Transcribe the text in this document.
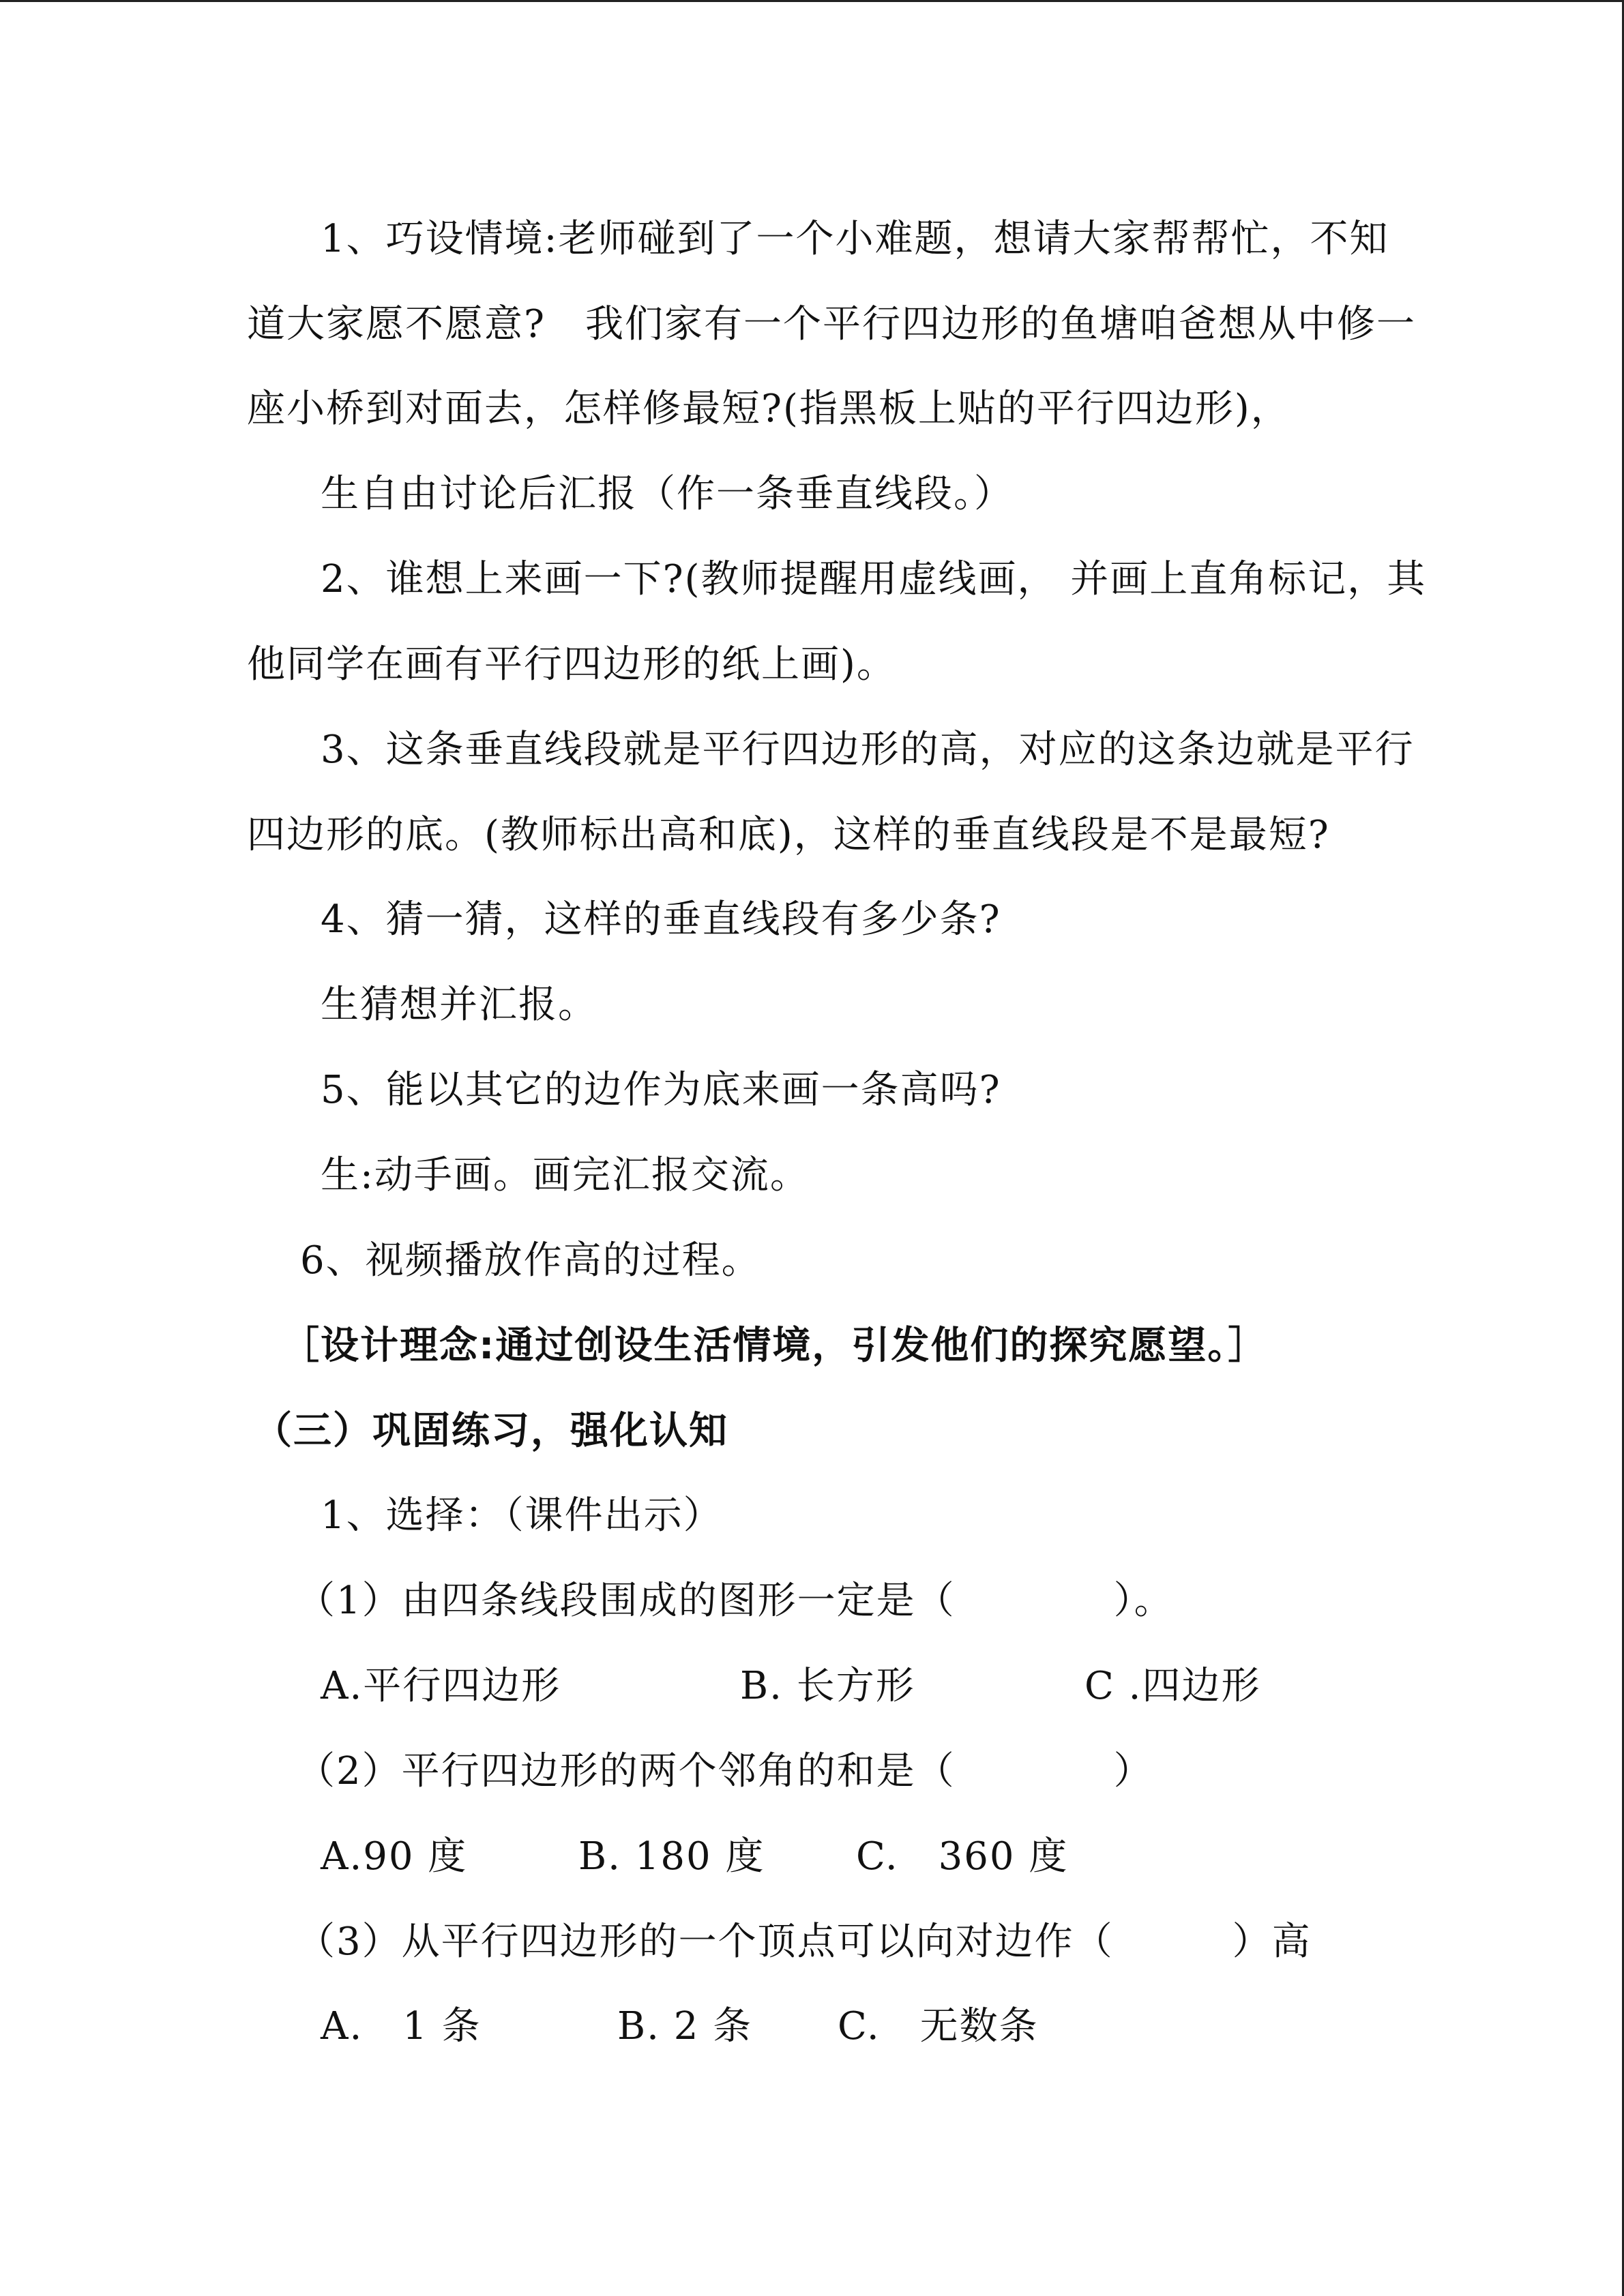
1、巧设情境:老师碰到了一个小难题，想请大家帮帮忙，不知

道大家愿不愿意?　我们家有一个平行四边形的鱼塘咱爸想从中修一

座小桥到对面去，怎样修最短?(指黑板上贴的平行四边形)，

生自由讨论后汇报（作一条垂直线段。）

2、谁想上来画一下?(教师提醒用虚线画， 并画上直角标记，其

他同学在画有平行四边形的纸上画)。

3、这条垂直线段就是平行四边形的高，对应的这条边就是平行

四边形的底。(教师标出高和底)，这样的垂直线段是不是最短?

4、猜一猜，这样的垂直线段有多少条?

生猜想并汇报。

5、能以其它的边作为底来画一条高吗?

生:动手画。画完汇报交流。

6、视频播放作高的过程。

［设计理念:通过创设生活情境，引发他们的探究愿望。］

（三）巩固练习，强化认知

1、选择：（课件出示）

（1）由四条线段围成的图形一定是（　　　　）。

A.平行四边形	B. 长方形	C .四边形

（2）平行四边形的两个邻角的和是（　　　　）

A.90 度	B. 180 度 C.　360 度

（3）从平行四边形的一个顶点可以向对边作（　　　）高

A.　1 条	B. 2 条 C.　无数条
